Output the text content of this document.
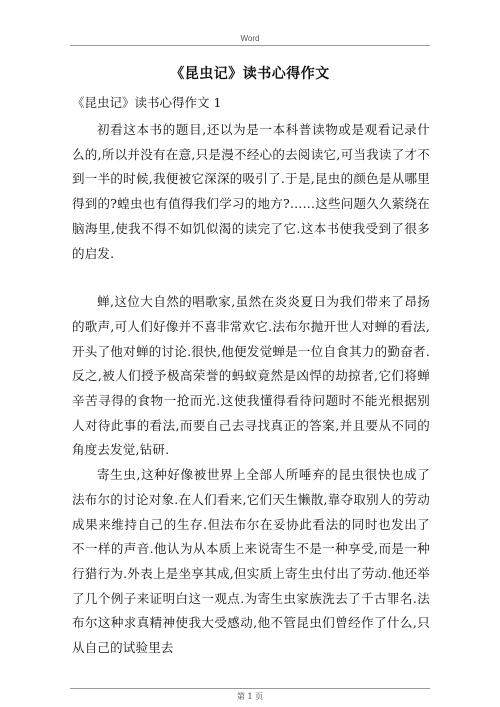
Word
《昆虫记》读书心得作文

《昆虫记》读书心得作文 1

初看这本书的题目,还以为是一本科普读物或是观看记录什么的,所以并没有在意,只是漫不经心的去阅读它,可当我读了才不到一半的时候,我便被它深深的吸引了.于是,昆虫的颜色是从哪里得到的?蝗虫也有值得我们学习的地方?……这些问题久久萦绕在脑海里,使我不得不如饥似渴的读完了它.这本书使我受到了很多的启发.

蝉,这位大自然的唱歌家,虽然在炎炎夏日为我们带来了昂扬的歌声,可人们好像并不喜非常欢它.法布尔抛开世人对蝉的看法,开头了他对蝉的讨论.很快,他便发觉蝉是一位自食其力的勤奋者.反之,被人们授予极高荣誉的蚂蚁竟然是凶悍的劫掠者,它们将蝉辛苦寻得的食物一抢而光.这使我懂得看待问题时不能光根据别人对待此事的看法,而要自己去寻找真正的答案,并且要从不同的角度去发觉,钻研.

寄生虫,这种好像被世界上全部人所唾弃的昆虫很快也成了法布尔的讨论对象.在人们看来,它们天生懒散,靠夺取别人的劳动成果来维持自己的生存.但法布尔在妥协此看法的同时也发出了不一样的声音.他认为从本质上来说寄生不是一种享受,而是一种行猎行为.外表上是坐享其成,但实质上寄生虫付出了劳动.他还举了几个例子来证明白这一观点.为寄生虫家族洗去了千古罪名.法布尔这种求真精神使我大受感动,他不管昆虫们曾经作了什么,只从自己的试验里去

第 1 页
